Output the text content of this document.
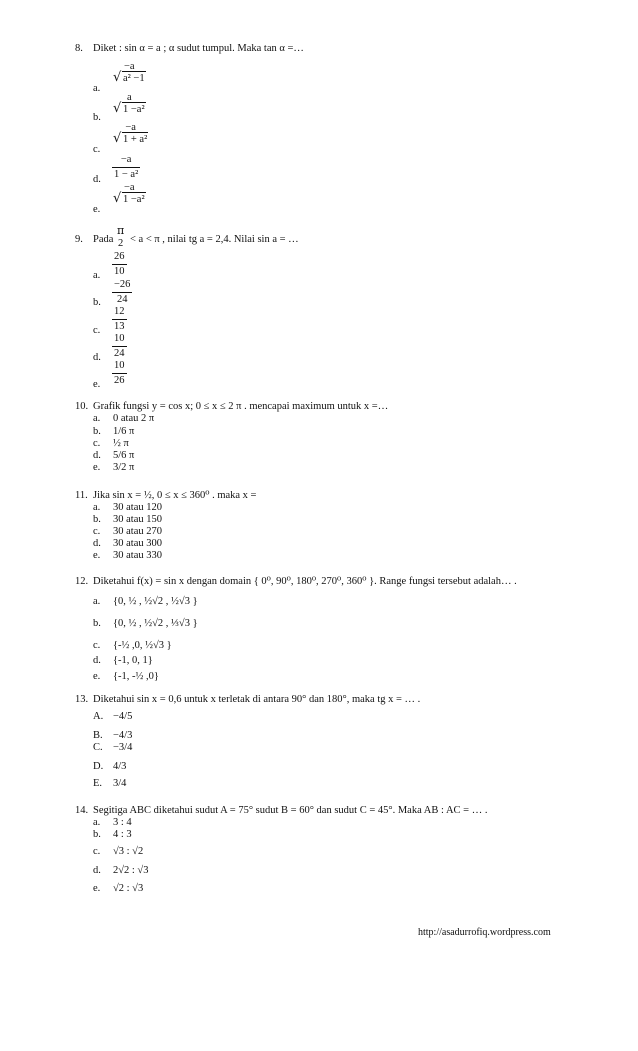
8. Diket : sin α = a ; α sudut tumpul. Maka tan α =…
a.
−a
√ a² −1
b.
a
√ 1 −a²
c.
−a
√ 1 + a²
d. $\frac{-a}{\text{1 − a²}}$
e.
−a
√ 1 −a²
9. Pada
π
2 < a < π , nilai tg a = 2,4. Nilai sin a = …
a. $\frac{26}{10}$
b. $\frac{-26}{24}$
c. $\frac{12}{13}$
d. $\frac{10}{24}$
e. $\frac{10}{26}$
10. Grafik fungsi y = cos x; 0 ≤ x ≤ 2 π . mencapai maximum untuk x =…
a. 0 atau 2 π
b. 1/6 π
c. ½ π
d. 5/6 π
e. 3/2 π
11. Jika sin x = ½, 0 ≤ x ≤ 360⁰ . maka x =
a. 30 atau 120
b. 30 atau 150
c. 30 atau 270
d. 30 atau 300
e. 30 atau 330
12. Diketahui f(x) = sin x dengan domain { 0⁰, 90⁰, 180⁰, 270⁰, 360⁰ }. Range fungsi tersebut adalah… .
a. {0, ½ , ½√2 , ½√3 }
b. {0, ½ , ½√2 , ⅓√3 }
c. {-½ ,0, ½√3 }
d. {-1, 0, 1}
e. {-1, -½ ,0}
13. Diketahui sin x = 0,6 untuk x terletak di antara 90° dan 180°, maka tg x = … .
A. −4/5
B. −4/3
C. −3/4
D. 4/3
E. 3/4
14. Segitiga ABC diketahui sudut A = 75° sudut B = 60° dan sudut C = 45°. Maka AB : AC = … .
a. 3 : 4
b. 4 : 3
c. √3 : √2
d. 2√2 : √3
e. √2 : √3
http://asadurrofiq.wordpress.com
